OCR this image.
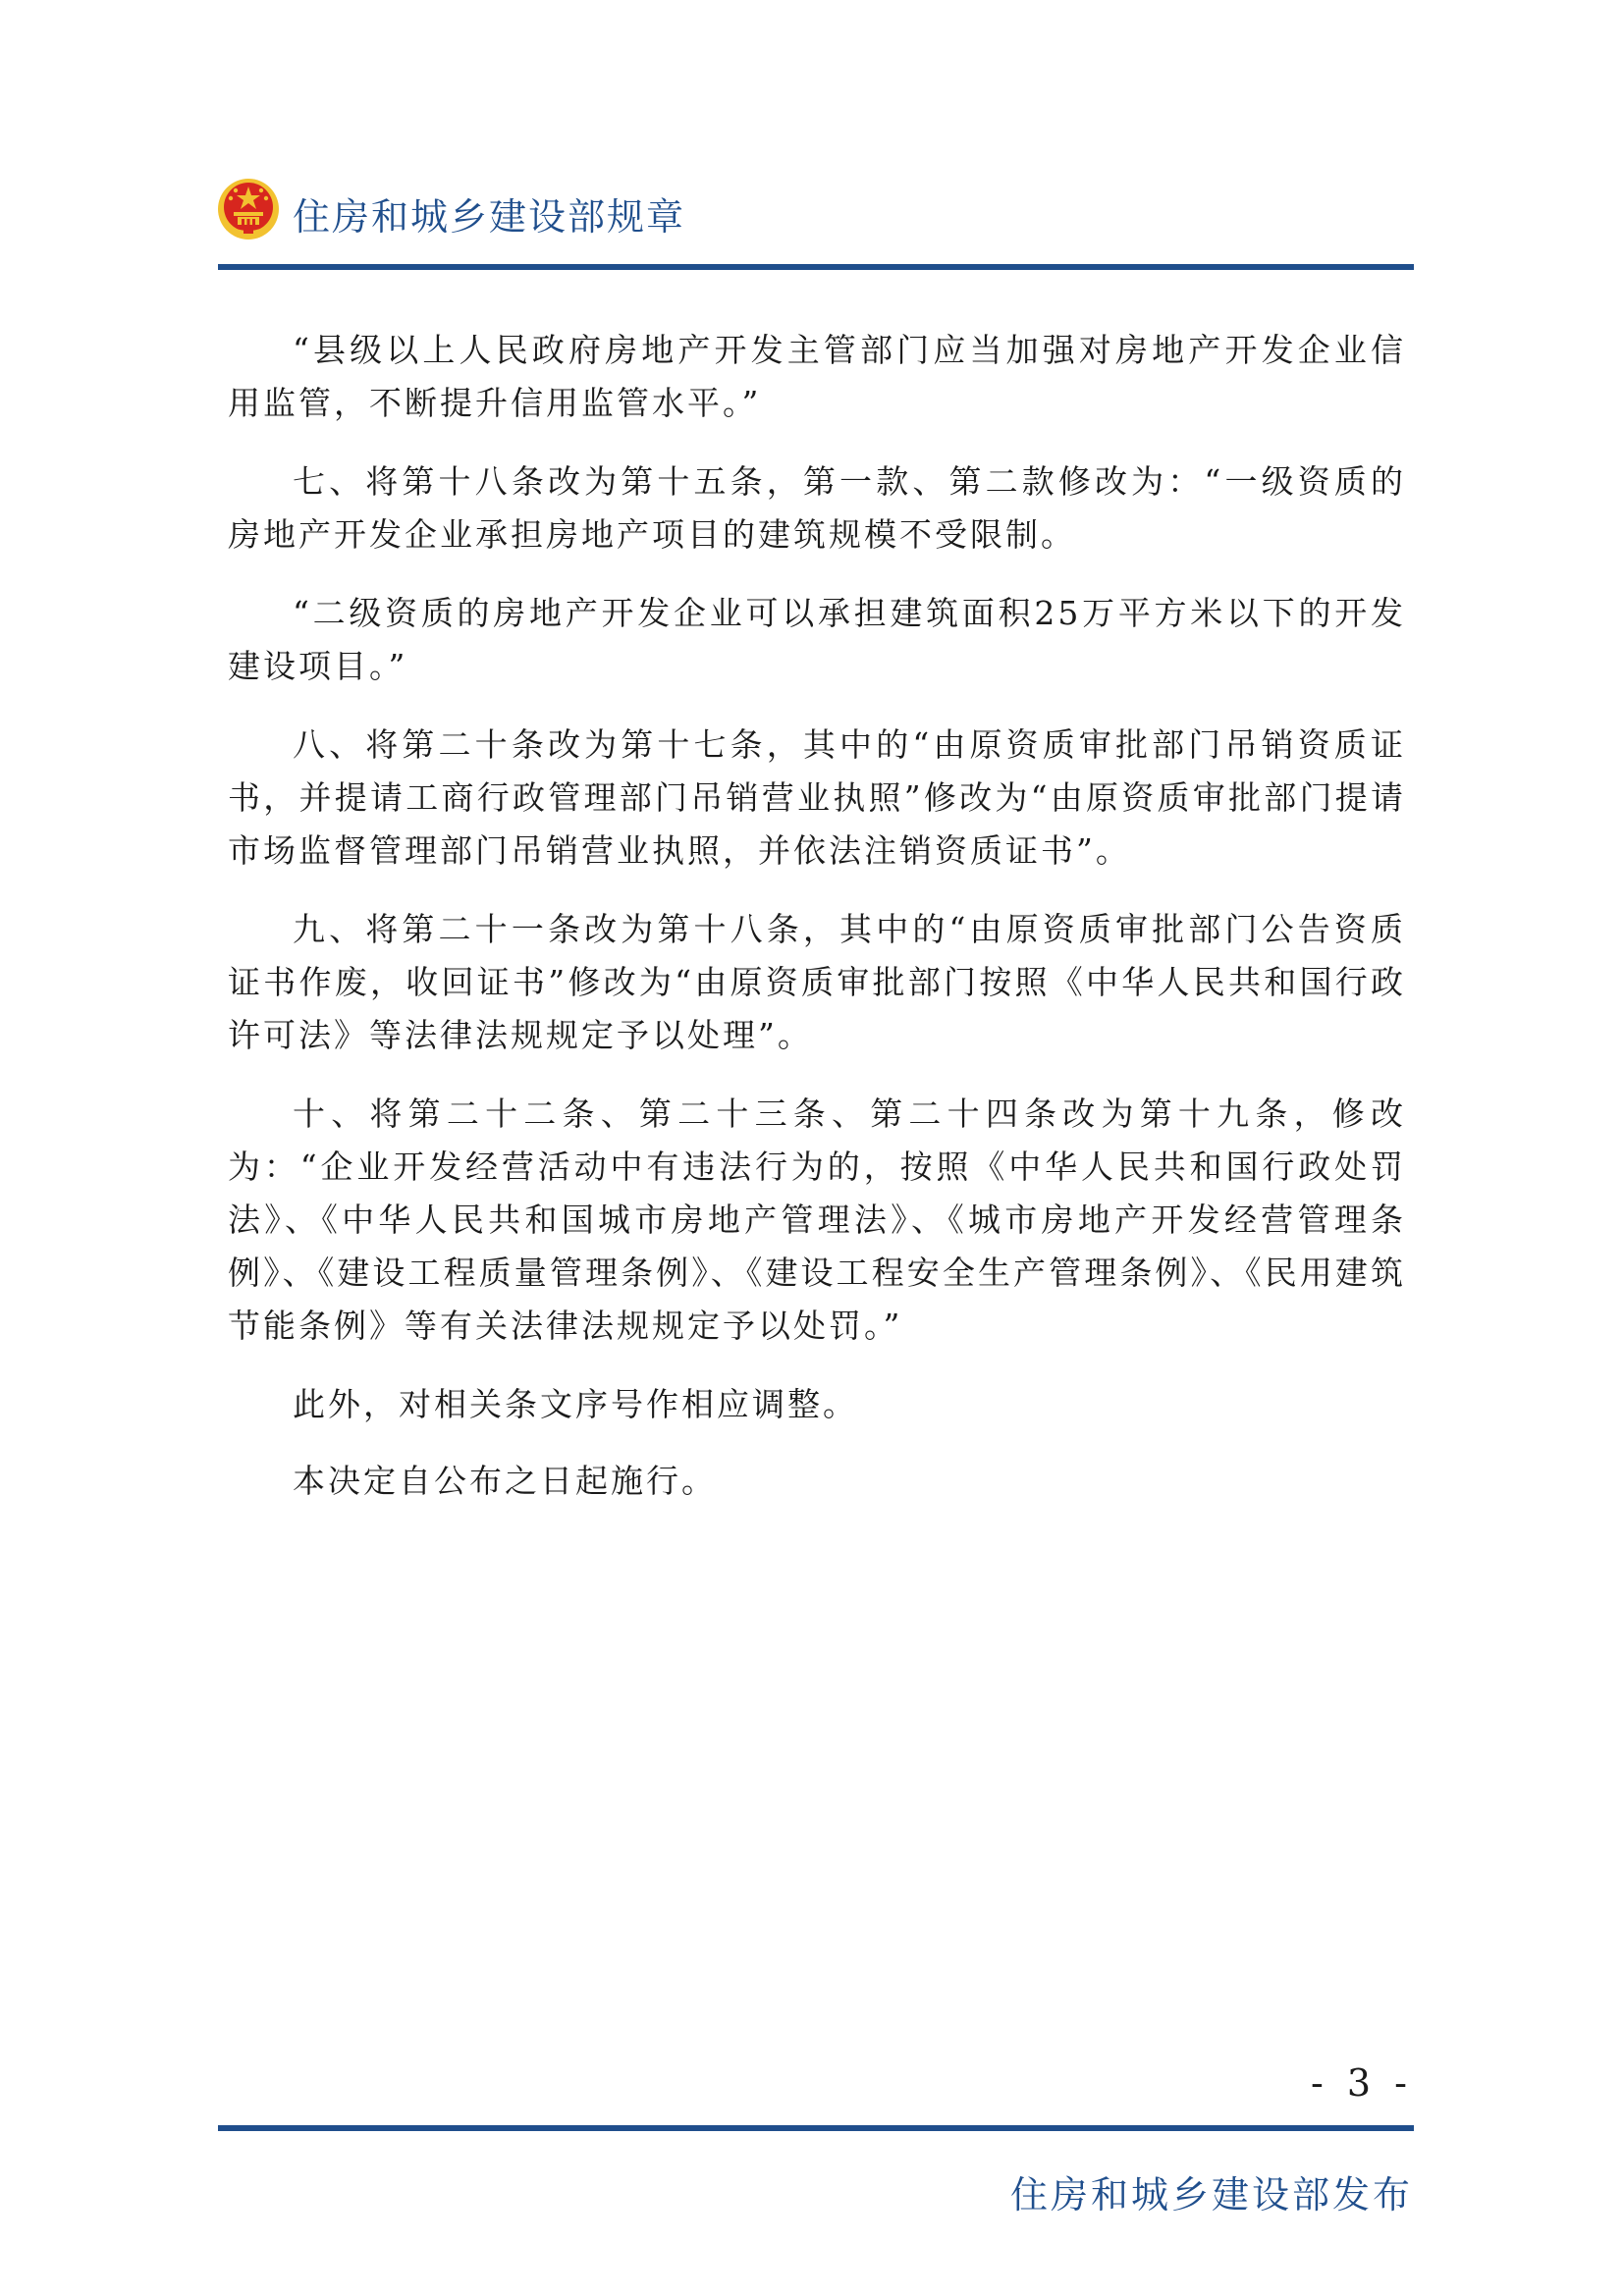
住房和城乡建设部规章

“县级以上人民政府房地产开发主管部门应当加强对房地产开发企业信用监管，不断提升信用监管水平。”

七、将第十八条改为第十五条，第一款、第二款修改为：“一级资质的房地产开发企业承担房地产项目的建筑规模不受限制。

“二级资质的房地产开发企业可以承担建筑面积25万平方米以下的开发建设项目。”

八、将第二十条改为第十七条，其中的“由原资质审批部门吊销资质证书，并提请工商行政管理部门吊销营业执照”修改为“由原资质审批部门提请市场监督管理部门吊销营业执照，并依法注销资质证书”。

九、将第二十一条改为第十八条，其中的“由原资质审批部门公告资质证书作废，收回证书”修改为“由原资质审批部门按照《中华人民共和国行政许可法》等法律法规规定予以处理”。

十、将第二十二条、第二十三条、第二十四条改为第十九条，修改为：“企业开发经营活动中有违法行为的，按照《中华人民共和国行政处罚法》、《中华人民共和国城市房地产管理法》、《城市房地产开发经营管理条例》、《建设工程质量管理条例》、《建设工程安全生产管理条例》、《民用建筑节能条例》等有关法律法规规定予以处罚。”

此外，对相关条文序号作相应调整。

本决定自公布之日起施行。

- 3 -
住房和城乡建设部发布
